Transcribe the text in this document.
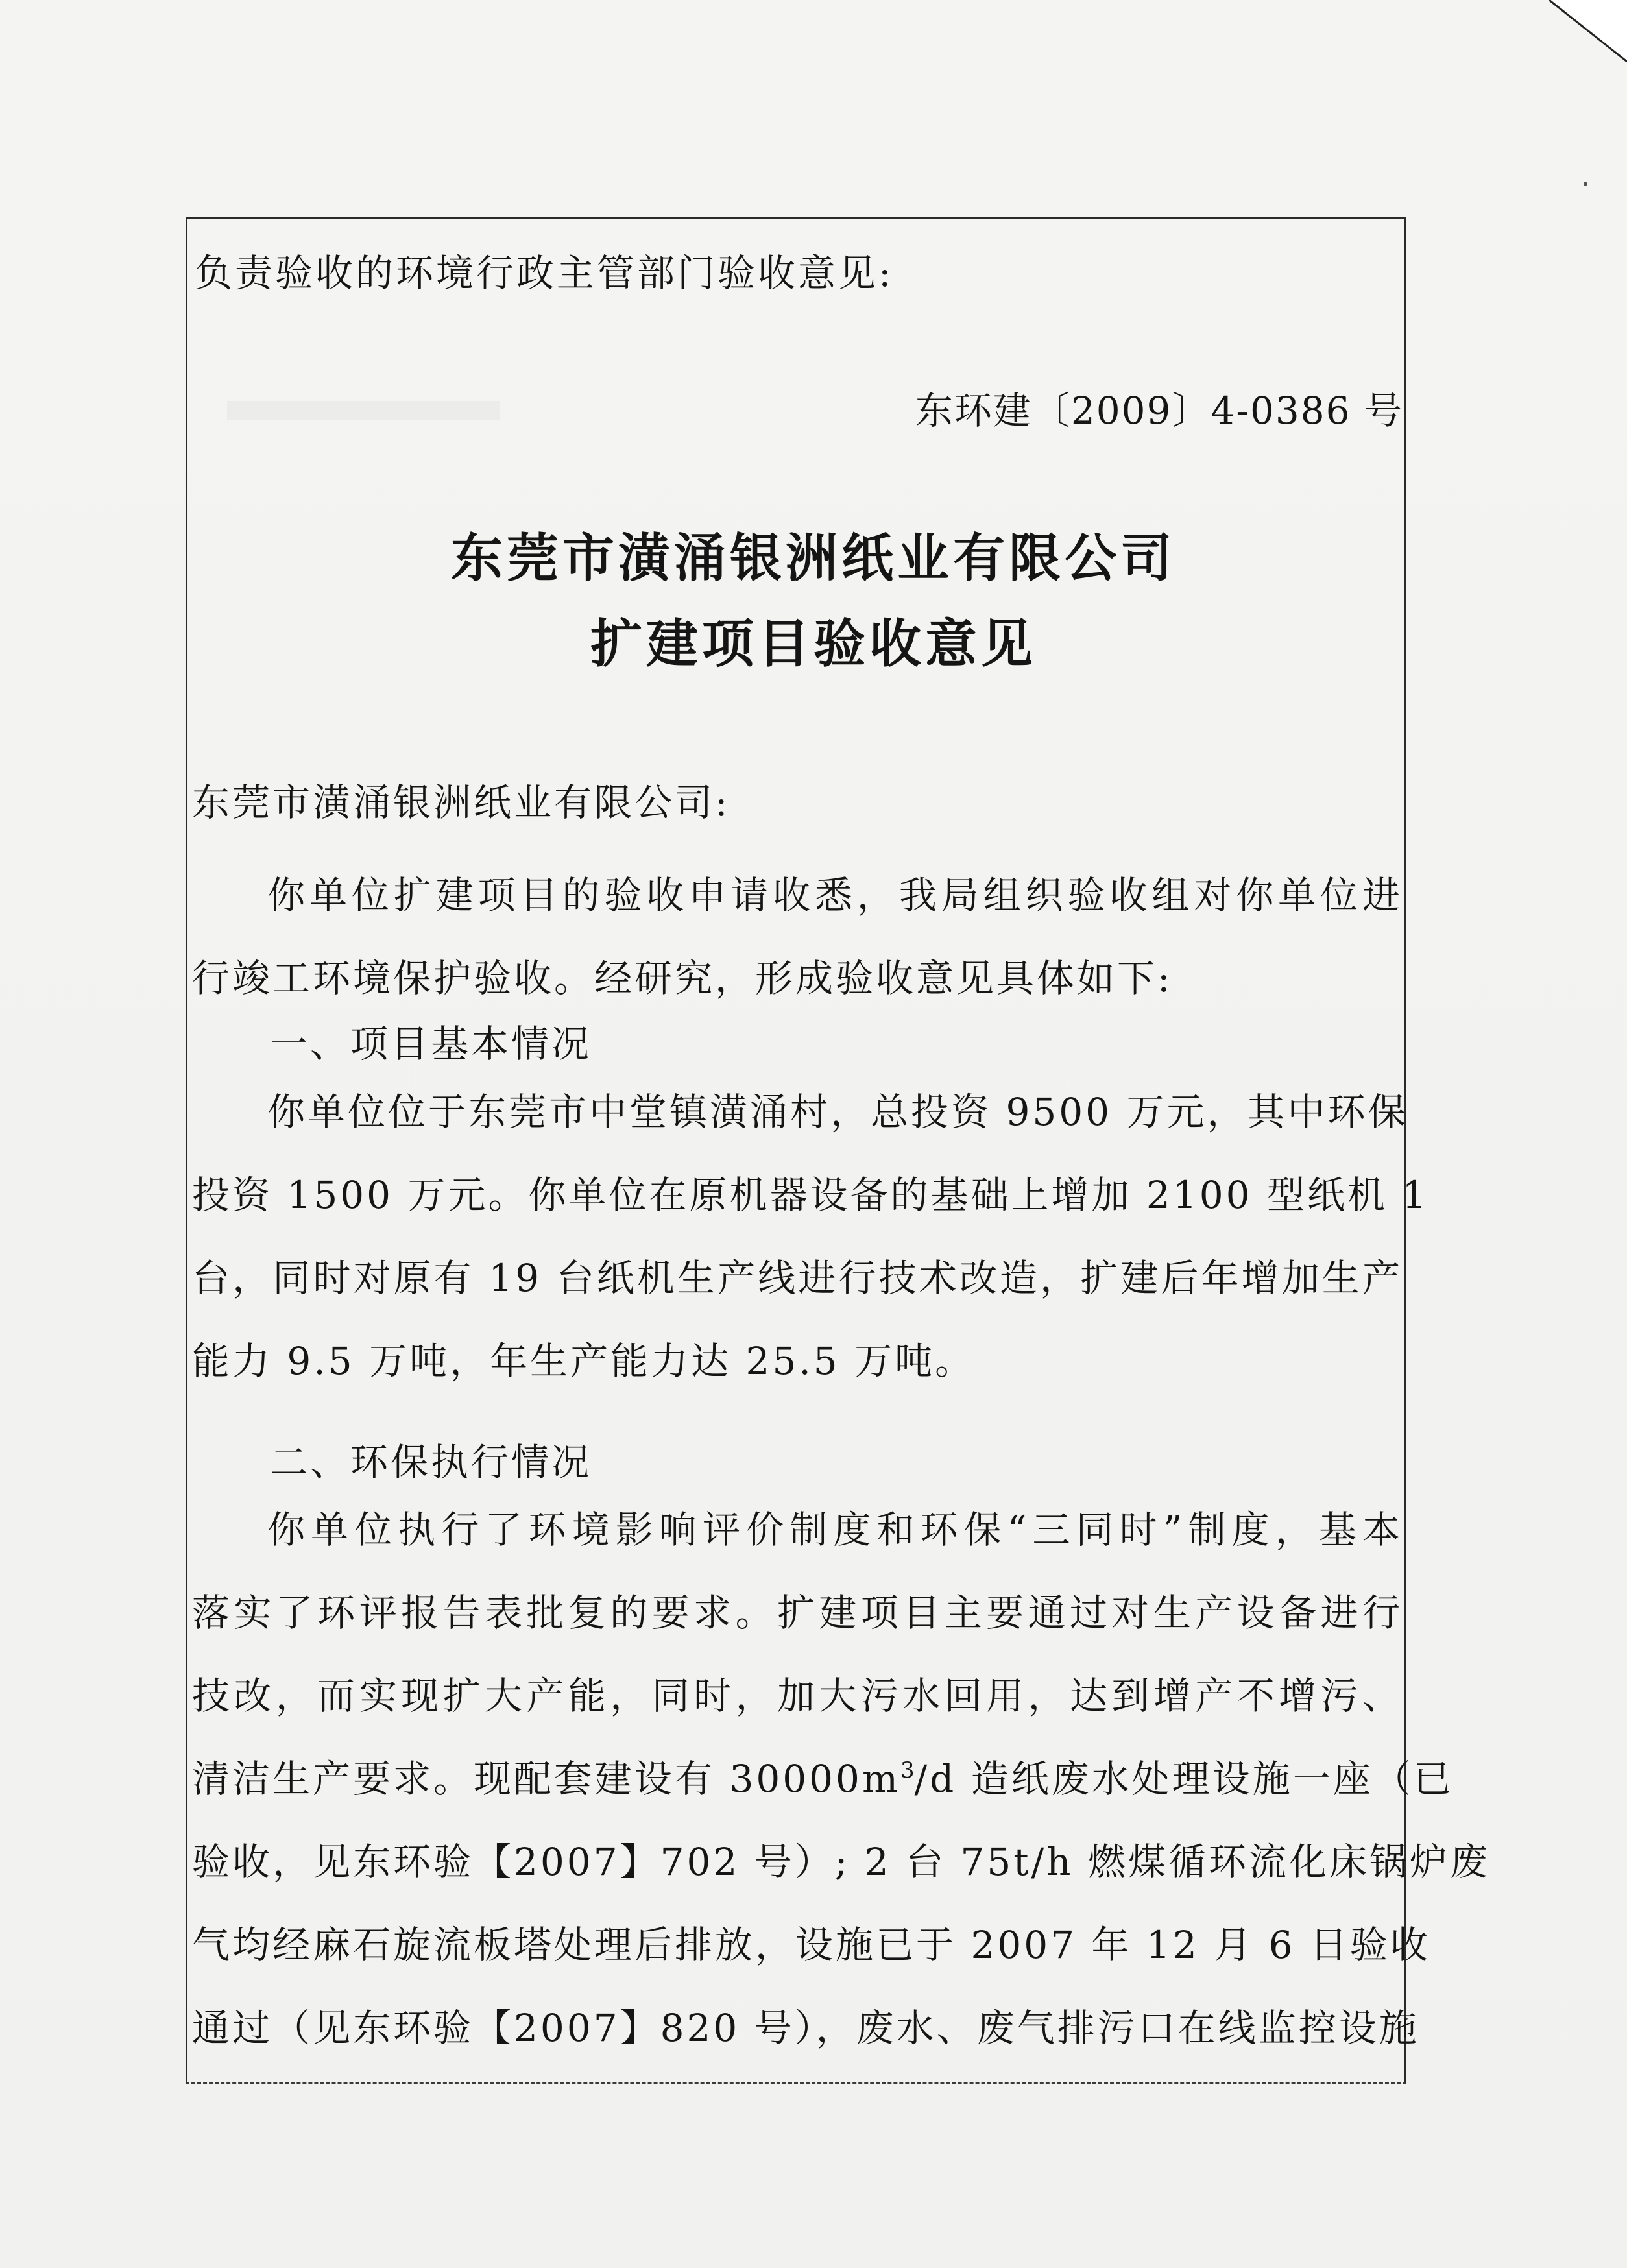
负责验收的环境行政主管部门验收意见:
东环建〔2009〕4-0386 号
东莞市潢涌银洲纸业有限公司
扩建项目验收意见
东莞市潢涌银洲纸业有限公司:
你单位扩建项目的验收申请收悉，我局组织验收组对你单位进
行竣工环境保护验收。经研究，形成验收意见具体如下:
一、项目基本情况
你单位位于东莞市中堂镇潢涌村，总投资 9500 万元，其中环保
投资 1500 万元。你单位在原机器设备的基础上增加 2100 型纸机 1
台，同时对原有 19 台纸机生产线进行技术改造，扩建后年增加生产
能力 9.5 万吨，年生产能力达 25.5 万吨。
二、环保执行情况
你单位执行了环境影响评价制度和环保“三同时”制度，基本
落实了环评报告表批复的要求。扩建项目主要通过对生产设备进行
技改，而实现扩大产能，同时，加大污水回用，达到增产不增污、
清洁生产要求。现配套建设有 $30000m^3/d$ 造纸废水处理设施一座（已
验收，见东环验【2007】702 号）; 2 台 75t/h 燃煤循环流化床锅炉废
气均经麻石旋流板塔处理后排放，设施已于 2007 年 12 月 6 日验收
通过（见东环验【2007】820 号），废水、废气排污口在线监控设施
